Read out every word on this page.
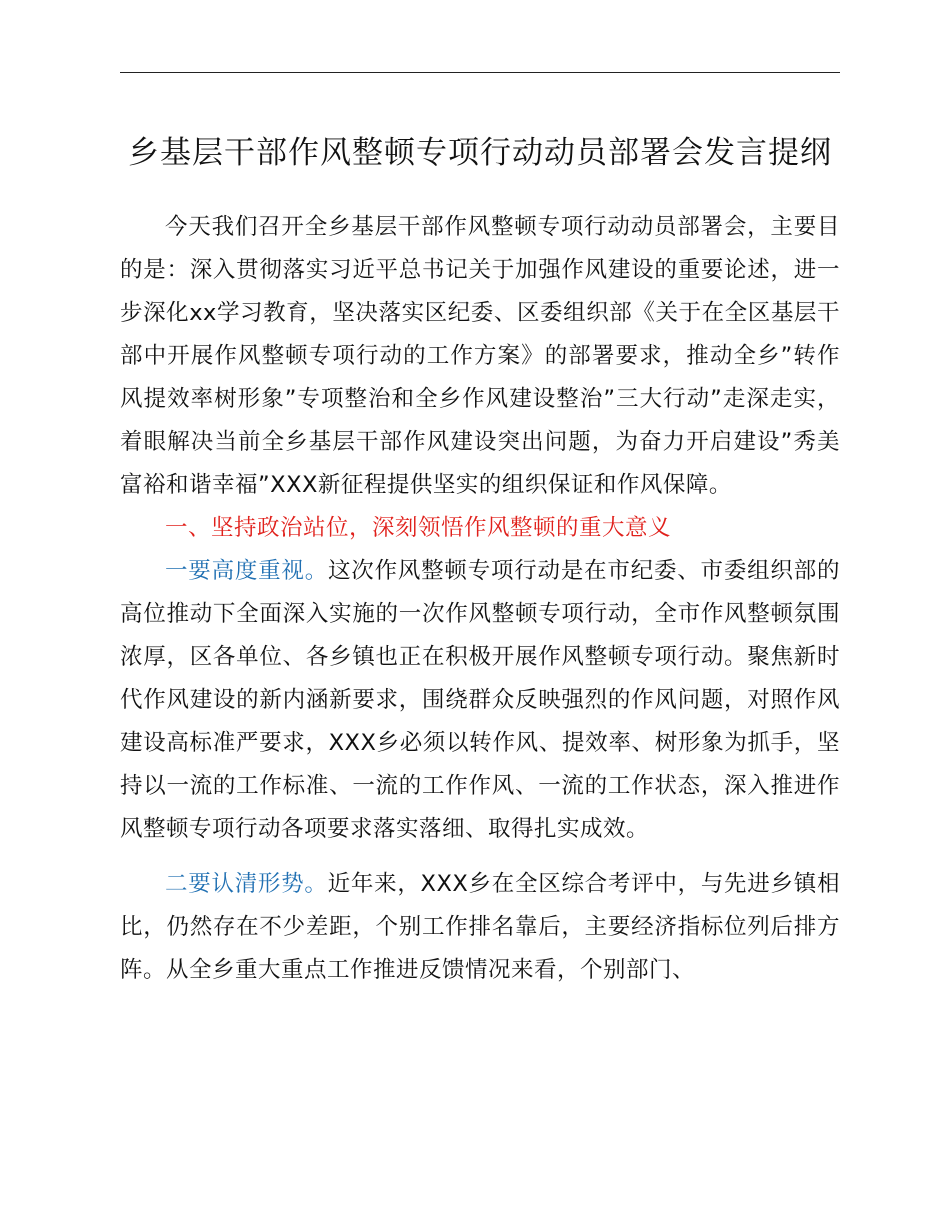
乡基层干部作风整顿专项行动动员部署会发言提纲

今天我们召开全乡基层干部作风整顿专项行动动员部署会，主要目的是：深入贯彻落实习近平总书记关于加强作风建设的重要论述，进一步深化xx学习教育，坚决落实区纪委、区委组织部《关于在全区基层干部中开展作风整顿专项行动的工作方案》的部署要求，推动全乡”转作风提效率树形象”专项整治和全乡作风建设整治”三大行动”走深走实，着眼解决当前全乡基层干部作风建设突出问题，为奋力开启建设”秀美富裕和谐幸福”XXX新征程提供坚实的组织保证和作风保障。

一、坚持政治站位，深刻领悟作风整顿的重大意义

一要高度重视。这次作风整顿专项行动是在市纪委、市委组织部的高位推动下全面深入实施的一次作风整顿专项行动，全市作风整顿氛围浓厚，区各单位、各乡镇也正在积极开展作风整顿专项行动。聚焦新时代作风建设的新内涵新要求，围绕群众反映强烈的作风问题，对照作风建设高标准严要求，XXX乡必须以转作风、提效率、树形象为抓手，坚持以一流的工作标准、一流的工作作风、一流的工作状态，深入推进作风整顿专项行动各项要求落实落细、取得扎实成效。

二要认清形势。近年来，XXX乡在全区综合考评中，与先进乡镇相比，仍然存在不少差距，个别工作排名靠后，主要经济指标位列后排方阵。从全乡重大重点工作推进反馈情况来看，个别部门、
